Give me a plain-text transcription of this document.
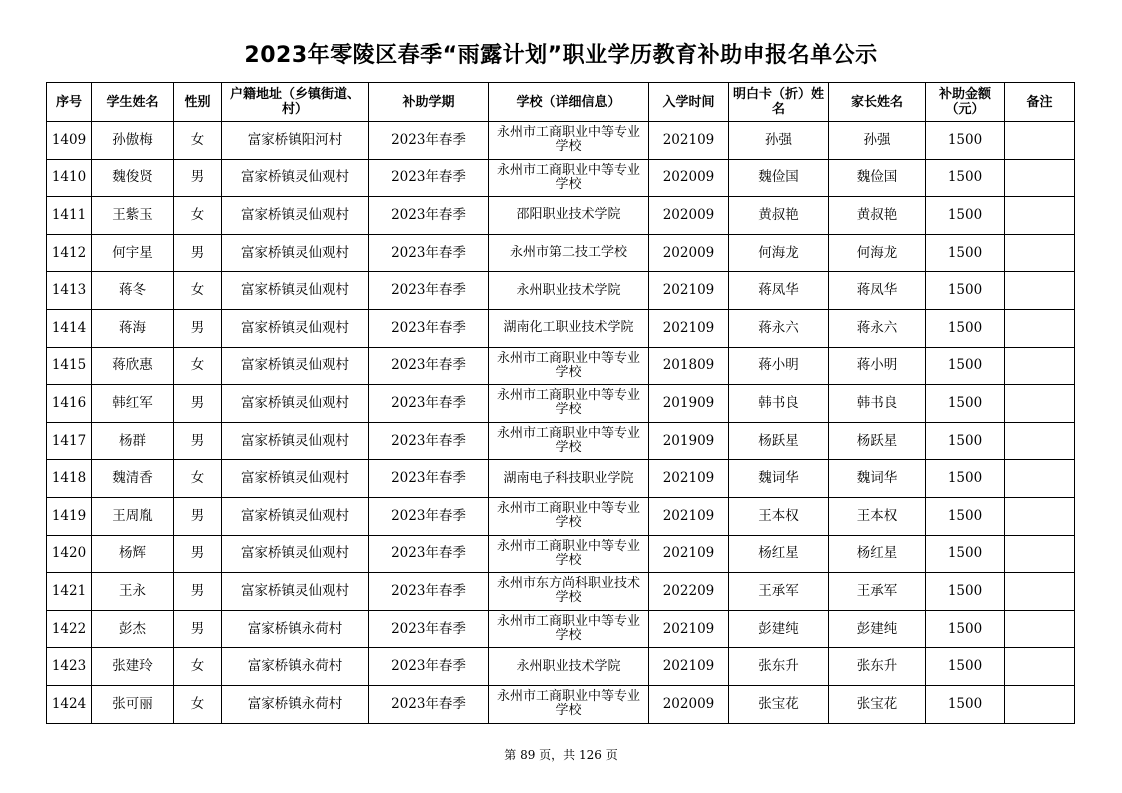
2023年零陵区春季“雨露计划”职业学历教育补助申报名单公示
序号	学生姓名	性别	户籍地址（乡镇街道、村）	补助学期	学校（详细信息）	入学时间	明白卡（折）姓名	家长姓名	补助金额（元）	备注
1409	孙傲梅	女	富家桥镇阳河村	2023年春季	永州市工商职业中等专业学校	202109	孙强	孙强	1500	
1410	魏俊贤	男	富家桥镇灵仙观村	2023年春季	永州市工商职业中等专业学校	202009	魏俭国	魏俭国	1500	
1411	王紫玉	女	富家桥镇灵仙观村	2023年春季	邵阳职业技术学院	202009	黄叔艳	黄叔艳	1500	
1412	何宇星	男	富家桥镇灵仙观村	2023年春季	永州市第二技工学校	202009	何海龙	何海龙	1500	
1413	蒋冬	女	富家桥镇灵仙观村	2023年春季	永州职业技术学院	202109	蒋凤华	蒋凤华	1500	
1414	蒋海	男	富家桥镇灵仙观村	2023年春季	湖南化工职业技术学院	202109	蒋永六	蒋永六	1500	
1415	蒋欣惠	女	富家桥镇灵仙观村	2023年春季	永州市工商职业中等专业学校	201809	蒋小明	蒋小明	1500	
1416	韩红军	男	富家桥镇灵仙观村	2023年春季	永州市工商职业中等专业学校	201909	韩书良	韩书良	1500	
1417	杨群	男	富家桥镇灵仙观村	2023年春季	永州市工商职业中等专业学校	201909	杨跃星	杨跃星	1500	
1418	魏清香	女	富家桥镇灵仙观村	2023年春季	湖南电子科技职业学院	202109	魏词华	魏词华	1500	
1419	王周胤	男	富家桥镇灵仙观村	2023年春季	永州市工商职业中等专业学校	202109	王本权	王本权	1500	
1420	杨辉	男	富家桥镇灵仙观村	2023年春季	永州市工商职业中等专业学校	202109	杨红星	杨红星	1500	
1421	王永	男	富家桥镇灵仙观村	2023年春季	永州市东方尚科职业技术学校	202209	王承军	王承军	1500	
1422	彭杰	男	富家桥镇永荷村	2023年春季	永州市工商职业中等专业学校	202109	彭建纯	彭建纯	1500	
1423	张建玲	女	富家桥镇永荷村	2023年春季	永州职业技术学院	202109	张东升	张东升	1500	
1424	张可丽	女	富家桥镇永荷村	2023年春季	永州市工商职业中等专业学校	202009	张宝花	张宝花	1500	
第 89 页，共 126 页
